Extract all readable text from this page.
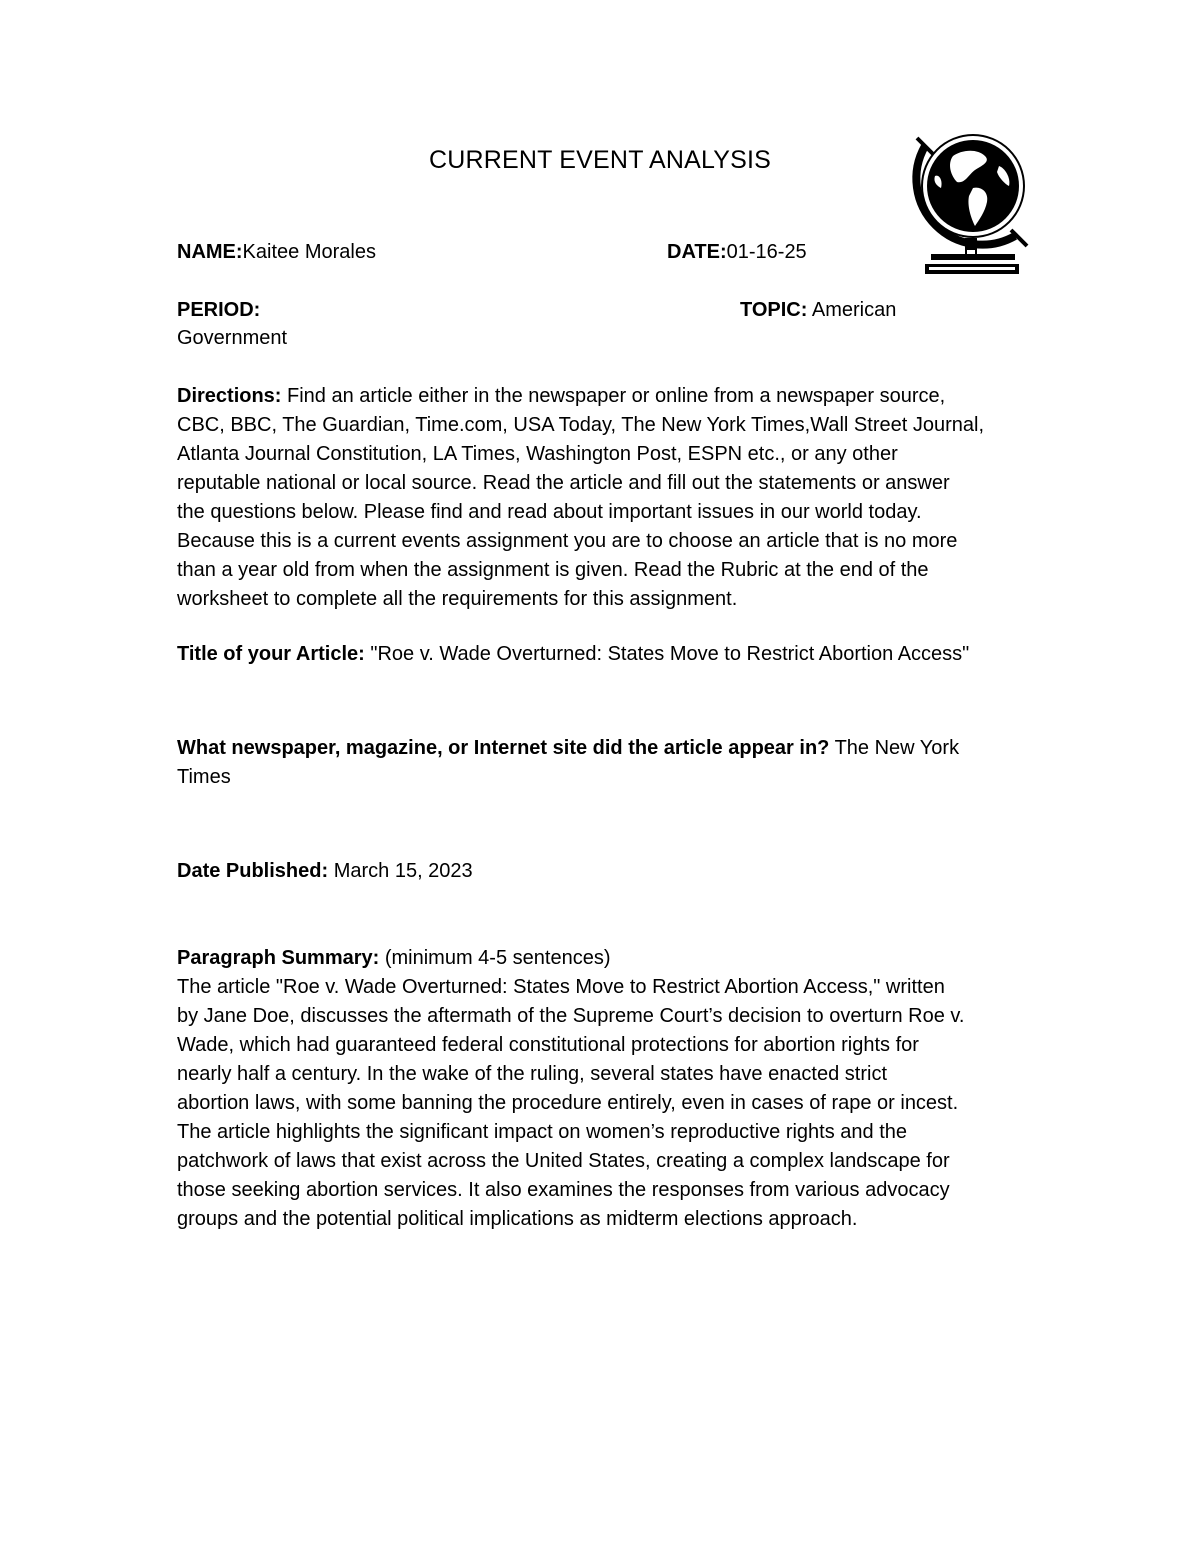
CURRENT EVENT ANALYSIS
NAME:Kaitee Morales	DATE:01-16-25
PERIOD:	TOPIC: American
Government
Directions: Find an article either in the newspaper or online from a newspaper source,
CBC, BBC, The Guardian, Time.com, USA Today, The New York Times,Wall Street Journal,
Atlanta Journal Constitution, LA Times, Washington Post, ESPN etc., or any other
reputable national or local source. Read the article and fill out the statements or answer
the questions below. Please find and read about important issues in our world today.
Because this is a current events assignment you are to choose an article that is no more
than a year old from when the assignment is given. Read the Rubric at the end of the
worksheet to complete all the requirements for this assignment.
Title of your Article: "Roe v. Wade Overturned: States Move to Restrict Abortion Access"
What newspaper, magazine, or Internet site did the article appear in? The New York
Times
Date Published: March 15, 2023
Paragraph Summary: (minimum 4-5 sentences)
The article "Roe v. Wade Overturned: States Move to Restrict Abortion Access," written
by Jane Doe, discusses the aftermath of the Supreme Court’s decision to overturn Roe v.
Wade, which had guaranteed federal constitutional protections for abortion rights for
nearly half a century. In the wake of the ruling, several states have enacted strict
abortion laws, with some banning the procedure entirely, even in cases of rape or incest.
The article highlights the significant impact on women’s reproductive rights and the
patchwork of laws that exist across the United States, creating a complex landscape for
those seeking abortion services. It also examines the responses from various advocacy
groups and the potential political implications as midterm elections approach.
